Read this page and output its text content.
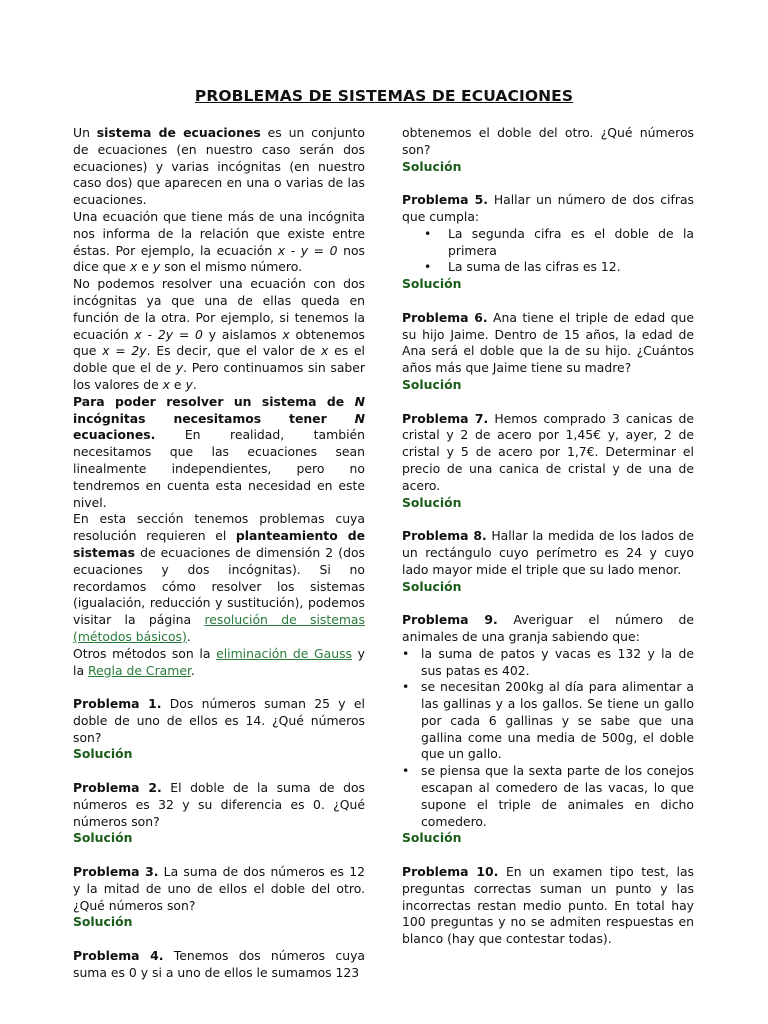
PROBLEMAS DE SISTEMAS DE ECUACIONES

Un sistema de ecuaciones es un conjunto de ecuaciones (en nuestro caso serán dos ecuaciones) y varias incógnitas (en nuestro caso dos) que aparecen en una o varias de las ecuaciones.

Una ecuación que tiene más de una incógnita nos informa de la relación que existe entre éstas. Por ejemplo, la ecuación x - y = 0 nos dice que x e y son el mismo número.

No podemos resolver una ecuación con dos incógnitas ya que una de ellas queda en función de la otra. Por ejemplo, si tenemos la ecuación x - 2y = 0 y aislamos x obtenemos que x = 2y. Es decir, que el valor de x es el doble que el de y. Pero continuamos sin saber los valores de x e y.

Para poder resolver un sistema de N incógnitas necesitamos tener N ecuaciones. En realidad, también necesitamos que las ecuaciones sean linealmente independientes, pero no tendremos en cuenta esta necesidad en este nivel.

En esta sección tenemos problemas cuya resolución requieren el planteamiento de sistemas de ecuaciones de dimensión 2 (dos ecuaciones y dos incógnitas). Si no recordamos cómo resolver los sistemas (igualación, reducción y sustitución), podemos visitar la página resolución de sistemas (métodos básicos).

Otros métodos son la eliminación de Gauss y la Regla de Cramer.

Problema 1. Dos números suman 25 y el doble de uno de ellos es 14. ¿Qué números son?

Solución

Problema 2. El doble de la suma de dos números es 32 y su diferencia es 0. ¿Qué números son?

Solución

Problema 3. La suma de dos números es 12 y la mitad de uno de ellos el doble del otro. ¿Qué números son?

Solución

Problema 4. Tenemos dos números cuya suma es 0 y si a uno de ellos le sumamos 123

obtenemos el doble del otro. ¿Qué números son?

Solución

Problema 5. Hallar un número de dos cifras que cumpla:

• La segunda cifra es el doble de la primera
• La suma de las cifras es 12.

Solución

Problema 6. Ana tiene el triple de edad que su hijo Jaime. Dentro de 15 años, la edad de Ana será el doble que la de su hijo. ¿Cuántos años más que Jaime tiene su madre?

Solución

Problema 7. Hemos comprado 3 canicas de cristal y 2 de acero por 1,45€ y, ayer, 2 de cristal y 5 de acero por 1,7€. Determinar el precio de una canica de cristal y de una de acero.

Solución

Problema 8. Hallar la medida de los lados de un rectángulo cuyo perímetro es 24 y cuyo lado mayor mide el triple que su lado menor.

Solución

Problema 9. Averiguar el número de animales de una granja sabiendo que:

• la suma de patos y vacas es 132 y la de sus patas es 402.
• se necesitan 200kg al día para alimentar a las gallinas y a los gallos. Se tiene un gallo por cada 6 gallinas y se sabe que una gallina come una media de 500g, el doble que un gallo.
• se piensa que la sexta parte de los conejos escapan al comedero de las vacas, lo que supone el triple de animales en dicho comedero.

Solución

Problema 10. En un examen tipo test, las preguntas correctas suman un punto y las incorrectas restan medio punto. En total hay 100 preguntas y no se admiten respuestas en blanco (hay que contestar todas).
